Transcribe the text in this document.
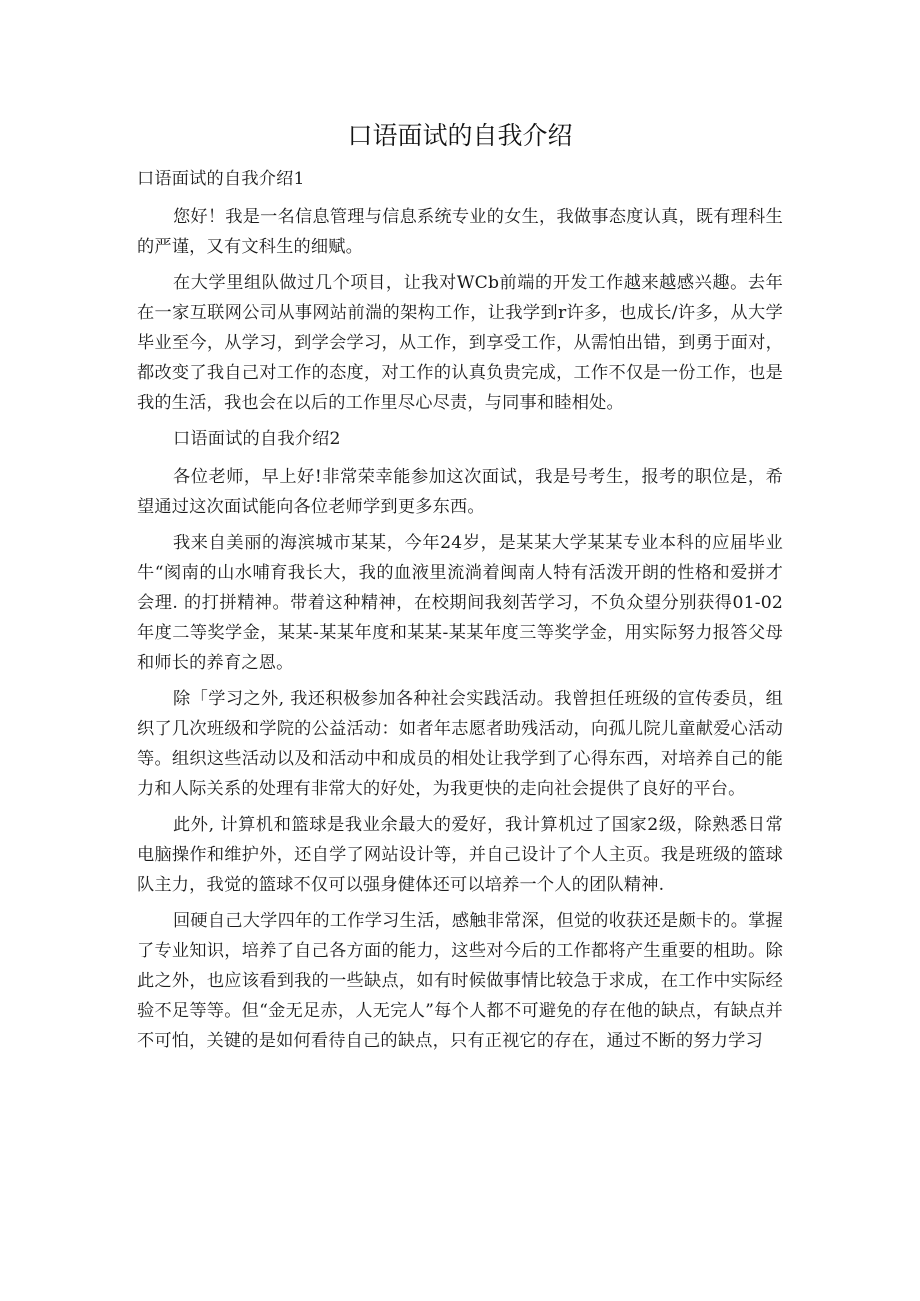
口语面试的自我介绍

口语面试的自我介绍1

您好！我是一名信息管理与信息系统专业的女生，我做事态度认真，既有理科生的严谨，又有文科生的细赋。

在大学里组队做过几个项目，让我对WCb前端的开发工作越来越感兴趣。去年在一家互联网公司从事网站前湍的架构工作，让我学到r许多，也成长/许多，从大学毕业至今，从学习，到学会学习，从工作，到享受工作，从需怕出错，到勇于面对，都改变了我自己对工作的态度，对工作的认真负贵完成，工作不仅是一份工作，也是我的生活，我也会在以后的工作里尽心尽责，与同事和睦相处。

口语面试的自我介绍2

各位老师，早上好!非常荣幸能参加这次面试，我是号考生，报考的职位是，希望通过这次面试能向各位老师学到更多东西。

我来自美丽的海滨城市某某，今年24岁，是某某大学某某专业本科的应届毕业牛“阂南的山水哺育我长大，我的血液里流淌着闽南人特有活泼开朗的性格和爱拼才会理. 的打拼精神。带着这种精神，在校期间我刻苦学习，不负众望分别获得01-02年度二等奖学金，某某-某某年度和某某-某某年度三等奖学金，用实际努力报答父母和师长的养育之恩。

除「学习之外, 我还积极参加各种社会实践活动。我曾担任班级的宣传委员，组织了几次班级和学院的公益活动：如者年志愿者助残活动，向孤儿院儿童献爱心活动等。组织这些活动以及和活动中和成员的相处让我学到了心得东西，对培养自己的能力和人际关系的处理有非常大的好处，为我更快的走向社会提供了良好的平台。

此外, 计算机和篮球是我业余最大的爱好，我计算机过了国家2级，除熟悉日常电脑操作和维护外，还自学了网站设计等，并自己设计了个人主页。我是班级的篮球队主力，我觉的篮球不仅可以强身健体还可以培养一个人的团队精神.

回硬自己大学四年的工作学习生活，感触非常深，但觉的收获还是颇卡的。掌握了专业知识，培养了自己各方面的能力，这些对今后的工作都将产生重要的柤助。除此之外，也应该看到我的一些缺点，如有时候做事情比较急于求成，在工作中实际经验不足等等。但“金无足赤，人无完人”每个人都不可避免的存在他的缺点，有缺点并不可怕，关键的是如何看待自己的缺点，只有正视它的存在，通过不断的努力学习
